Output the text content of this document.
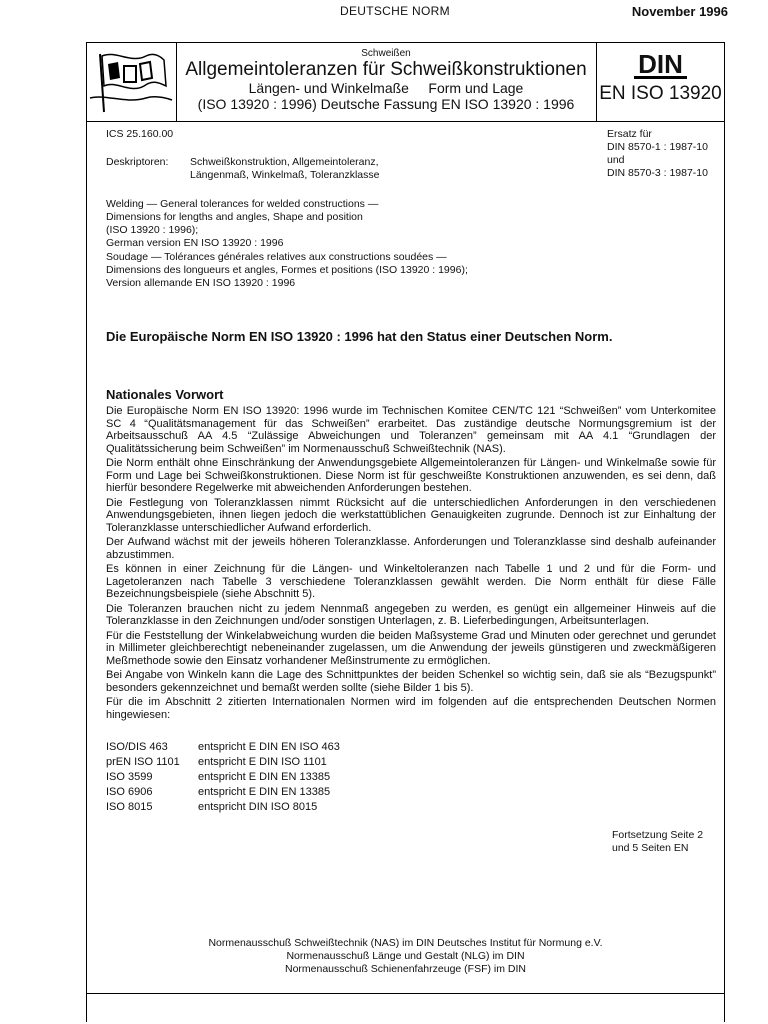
DEUTSCHE NORM	November 1996
Schweißen
Allgemeintoleranzen für Schweißkonstruktionen
Längen- und Winkelmaße     Form und Lage
(ISO 13920 : 1996) Deutsche Fassung EN ISO 13920 : 1996
DIN
EN ISO 13920
ICS 25.160.00
Deskriptoren: Schweißkonstruktion, Allgemeintoleranz,
Längenmaß, Winkelmaß, Toleranzklasse
Ersatz für
DIN 8570-1 : 1987-10
und
DIN 8570-3 : 1987-10
Welding — General tolerances for welded constructions —
Dimensions for lengths and angles, Shape and position
(ISO 13920 : 1996);
German version EN ISO 13920 : 1996
Soudage — Tolérances générales relatives aux constructions soudées —
Dimensions des longueurs et angles, Formes et positions (ISO 13920 : 1996);
Version allemande EN ISO 13920 : 1996
Die Europäische Norm EN ISO 13920 : 1996 hat den Status einer Deutschen Norm.
Nationales Vorwort

Die Europäische Norm EN ISO 13920: 1996 wurde im Technischen Komitee CEN/TC 121 “Schweißen” vom Unterkomitee SC 4 “Qualitätsmanagement für das Schweißen” erarbeitet. Das zuständige deutsche Normungsgremium ist der Arbeitsausschuß AA 4.5 “Zulässige Abweichungen und Toleranzen” gemeinsam mit AA 4.1 “Grundlagen der Qualitätssicherung beim Schweißen” im Normenausschuß Schweißtechnik (NAS).

Die Norm enthält ohne Einschränkung der Anwendungsgebiete Allgemeintoleranzen für Längen- und Winkelmaße sowie für Form und Lage bei Schweißkonstruktionen. Diese Norm ist für geschweißte Konstruktionen anzuwenden, es sei denn, daß hierfür besondere Regelwerke mit abweichenden Anforderungen bestehen.

Die Festlegung von Toleranzklassen nimmt Rücksicht auf die unterschiedlichen Anforderungen in den verschiedenen Anwendungsgebieten, ihnen liegen jedoch die werkstattüblichen Genauigkeiten zugrunde. Dennoch ist zur Einhaltung der Toleranzklasse unterschiedlicher Aufwand erforderlich.

Der Aufwand wächst mit der jeweils höheren Toleranzklasse. Anforderungen und Toleranzklasse sind deshalb aufeinander abzustimmen.

Es können in einer Zeichnung für die Längen- und Winkeltoleranzen nach Tabelle 1 und 2 und für die Form- und Lagetoleranzen nach Tabelle 3 verschiedene Toleranzklassen gewählt werden. Die Norm enthält für diese Fälle Bezeichnungsbeispiele (siehe Abschnitt 5).

Die Toleranzen brauchen nicht zu jedem Nennmaß angegeben zu werden, es genügt ein allgemeiner Hinweis auf die Toleranzklasse in den Zeichnungen und/oder sonstigen Unterlagen, z. B. Lieferbedingungen, Arbeitsunterlagen.

Für die Feststellung der Winkelabweichung wurden die beiden Maßsysteme Grad und Minuten oder gerechnet und gerundet in Millimeter gleichberechtigt nebeneinander zugelassen, um die Anwendung der jeweils günstigeren und zweckmäßigeren Meßmethode sowie den Einsatz vorhandener Meßinstrumente zu ermöglichen.

Bei Angabe von Winkeln kann die Lage des Schnittpunktes der beiden Schenkel so wichtig sein, daß sie als “Bezugspunkt” besonders gekennzeichnet und bemaßt werden sollte (siehe Bilder 1 bis 5).

Für die im Abschnitt 2 zitierten Internationalen Normen wird im folgenden auf die entsprechenden Deutschen Normen hingewiesen:

ISO/DIS 463	entspricht E DIN EN ISO 463
prEN ISO 1101	entspricht E DIN ISO 1101
ISO 3599	entspricht E DIN EN 13385
ISO 6906	entspricht E DIN EN 13385
ISO 8015	entspricht DIN ISO 8015
Fortsetzung Seite 2
und 5 Seiten EN
Normenausschuß Schweißtechnik (NAS) im DIN Deutsches Institut für Normung e.V.
Normenausschuß Länge und Gestalt (NLG) im DIN
Normenausschuß Schienenfahrzeuge (FSF) im DIN
